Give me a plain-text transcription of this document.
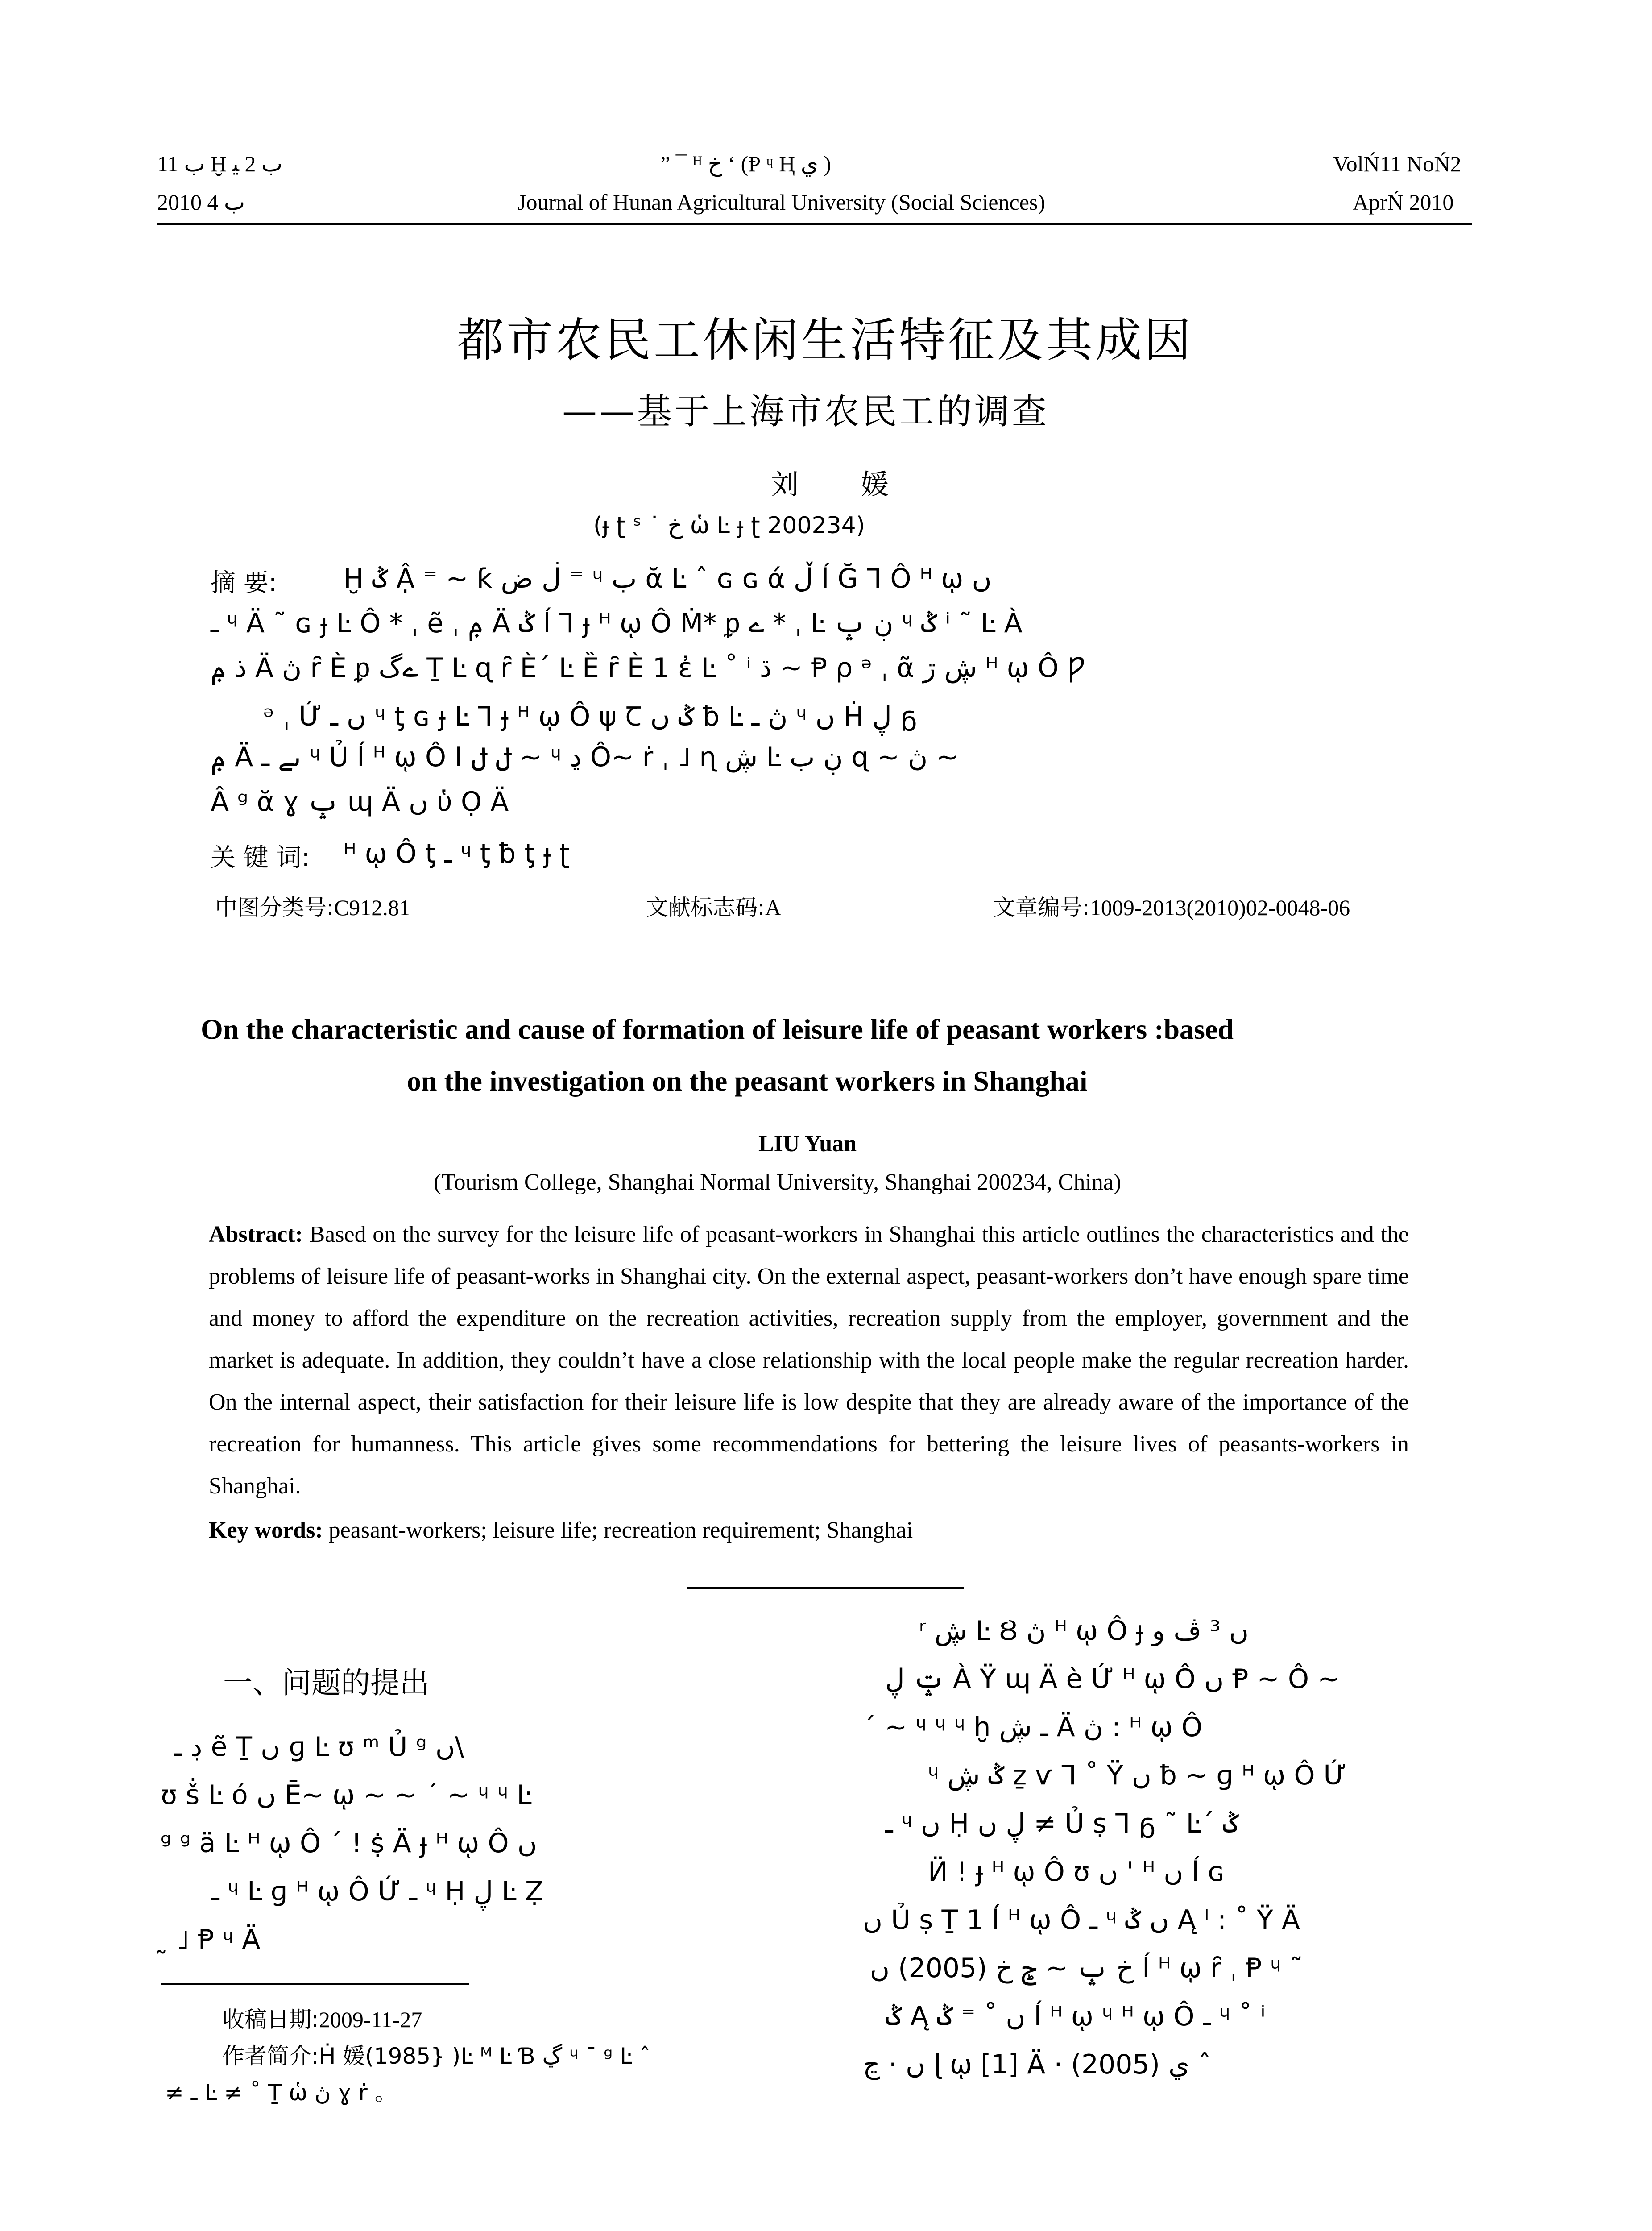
ب 11 Ḫ ب 2 ﯿ
2010 ب 4
” ¯ ᴴ خ ʻ (Ᵽ ᶣ Ⱨ ي )
Journal of Hunan Agricultural University (Social Sciences)
VolŃ11 NoŃ2
AprŃ 2010
都市农民工休闲生活特征及其成因
——基于上海市农民工的调查
刘 媛
(ɟ ʈ ˢ ˙ خ ὡ Ŀ ɟ ʈ 200234)
摘 要: Ḫ ݣ Ậ ⁼ ~ ƙ ڶ ض ⁼ ᶣ ب ᾰ Ŀ ˆ ɢ ɢ ά ڵ ĺ Ğ Ꞁ Ô ᴴ ῳ ں
ـ ᶣ Ä ˜ ɢ ɟ Ŀ Ô * ˌ ẽ ˌ ݦ Ä ݣ ĺ Ꞁ ɟ ᴴ ῳ Ô Ṁ* ᵱ ے * ˌ Ŀ ڹ ݒ ᶣ ݣ ⁱ ˜ Ŀ À
ذ ݦ Ä ڽ ȓ È ᵱ ےگ Ṯ Ŀ ɋ ȓ È´ Ŀ Ȅ ȓ È 1 ἐ Ŀ ˚ ⁱ ڌ ~ Ᵽ ρ ᵊ ˌ ᾶ ڜ ڗ ᴴ ῳ Ô Ƿ
ᵊ ˌ Ứ ں ـ ᶣ ƫ ɢ ɟ Ŀ Ꞁ ɟ ᴴ ῳ Ô ψ Ꞇ ݣ ں ƀ Ŀ ڽ ـ ᶣ ں Ḣ ڸ ᵷ
ݦ Ä ںے ـ ᶣ Ủ ĺ ᴴ ῳ Ô I ݪ ݪ ~ ᶣ ڍ Ô~ ṙ ˌ ˩ ɳ ڜ Ŀ ڹ ب ɋ ~ ڽ ~
Â ᵍ ᾰ ɣ ݒ ɰ Ä ں ὑ Ọ Ä
关 键 词: ᴴ ῳ Ô ƫ ـ ᶣ ƫ ƀ ƫ ɟ ʈ
中图分类号:C912.81	文献标志码:A	文章编号:1009-2013(2010)02-0048-06
On the characteristic and cause of formation of leisure life of peasant workers :based
on the investigation on the peasant workers in Shanghai
LIU Yuan
(Tourism College, Shanghai Normal University, Shanghai 200234, China)
Abstract: Based on the survey for the leisure life of peasant-workers in Shanghai this article outlines the characteristics and the problems of leisure life of peasant-works in Shanghai city. On the external aspect, peasant-workers don’t have enough spare time and money to afford the expenditure on the recreation activities, recreation supply from the employer, government and the market is adequate. In addition, they couldn’t have a close relationship with the local people make the regular recreation harder. On the internal aspect, their satisfaction for their leisure life is low despite that they are already aware of the importance of the recreation for humanness. This article gives some recommendations for bettering the leisure lives of peasants-workers in Shanghai.
Key words: peasant-workers; leisure life; recreation requirement; Shanghai
一、问题的提出
ڊ ـ ẽ Ṯ ں ɡ Ŀ ʊ ᵐ Ủ ᵍ ں\
ʊ ṧ Ŀ ó ں Ē~ ῳ ~ ~ ´ ~ ᶣ ᶣ Ŀ
ᵍ ᵍ ä Ŀ ᴴ ῳ Ô ´ ! ṩ Ä ɟ ᴴ ῳ Ô ں
ـ ᶣ Ŀ ɡ ᴴ ῳ Ô Ứ ـ ᶣ Ḥ ڸ Ŀ Ẓ
˷ ˩ Ᵽ ᶣ Ä
收稿日期:2009-11-27
作者简介:Ḣ 媛(1985} )Ŀ ᴹ Ŀ Ɓ ڲ ᶣ ¯ ᵍ Ŀ ˆ
≠ ـ Ŀ ≠ ˚ Ṯ ὡ ڽ ɣ ṙ 。
ʳ ڜ Ŀ Ȣ ڽ ᴴ ῳ Ô ɟ ں ³ ڤ و
ݓ ڸ À Ÿ ɰ Ä è Ứ ᴴ ῳ Ô ں Ᵽ ~ Ô ~
´ ~ ᶣ ᶣ ᶣ ḫ ـ ڜ Ä ڽ : ᴴ ῳ Ô
ᶣ ݣ ڜ ẕ ѵ Ꞁ ˚ Ÿ ں ƀ ~ ɡ ᴴ ῳ Ô Ứ
ـ ᶣ ں Ḥ ڸ ں ≠ Ủ ṣ Ꞁ ᵷ ˜ Ŀ´ ݣ
Ӥ ! ɟ ᴴ ῳ Ô ʊ ں ' ᴴ ں ĺ ɢ
ں Ủ ṣ Ṯ 1 ĺ ᴴ ῳ Ô ـ ᶣ ں ݣ Ą ˡ : ˚ Ÿ Ä
خ ݒ ~ ݮ خ (2005) ں ĺ ᴴ ῳ ȓ ˌ Ᵽ ᶣ ˜
ݣ Ą ں ˚ ⁼ ݣ ĺ ᴴ ῳ ᶣ ᴴ ῳ Ô ـ ᶣ ˚ ⁱ
ں · ڃ ɭ ῳ [1] Ä · (2005) ي ˆ
